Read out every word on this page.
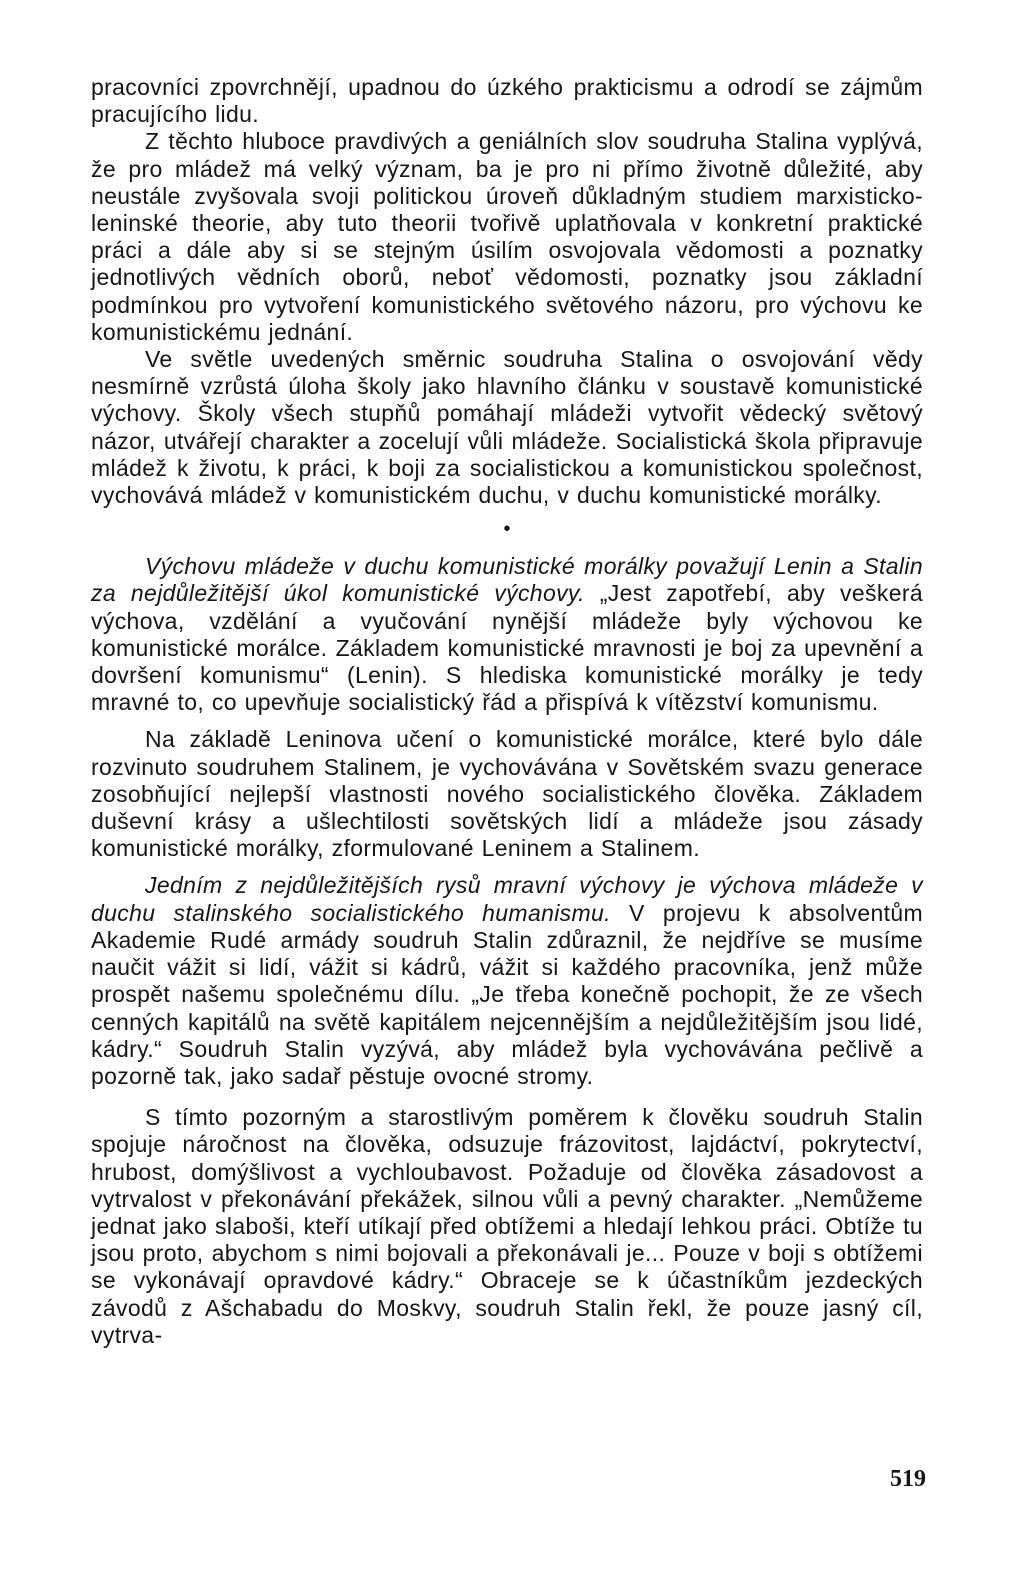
pracovníci zpovrchnějí, upadnou do úzkého prakticismu a odrodí se zájmům pracujícího lidu.

Z těchto hluboce pravdivých a geniálních slov soudruha Stalina vyplývá, že pro mládež má velký význam, ba je pro ni přímo životně důležité, aby neustále zvyšovala svoji politickou úroveň důkladným studiem marxisticko-leninské theorie, aby tuto theorii tvořivě uplatňovala v konkretní praktické práci a dále aby si se stejným úsilím osvojovala vědomosti a poznatky jednotlivých vědních oborů, neboť vědomosti, poznatky jsou základní podmínkou pro vytvoření komunistického světového názoru, pro výchovu ke komunistickému jednání.

Ve světle uvedených směrnic soudruha Stalina o osvojování vědy nesmírně vzrůstá úloha školy jako hlavního článku v soustavě komunistické výchovy. Školy všech stupňů pomáhají mládeži vytvořit vědecký světový názor, utvářejí charakter a zocelují vůli mládeže. Socialistická škola připravuje mládež k životu, k práci, k boji za socialistickou a komunistickou společnost, vychovává mládež v komunistickém duchu, v duchu komunistické morálky.

•

Výchovu mládeže v duchu komunistické morálky považují Lenin a Stalin za nejdůležitější úkol komunistické výchovy. „Jest zapotřebí, aby veškerá výchova, vzdělání a vyučování nynější mládeže byly výchovou ke komunistické morálce. Základem komunistické mravnosti je boj za upevnění a dovršení komunismu“ (Lenin). S hlediska komunistické morálky je tedy mravné to, co upevňuje socialistický řád a přispívá k vítězství komunismu.

Na základě Leninova učení o komunistické morálce, které bylo dále rozvinuto soudruhem Stalinem, je vychovávána v Sovětském svazu generace zosobňující nejlepší vlastnosti nového socialistického člověka. Základem duševní krásy a ušlechtilosti sovětských lidí a mládeže jsou zásady komunistické morálky, zformulované Leninem a Stalinem.

Jedním z nejdůležitějších rysů mravní výchovy je výchova mládeže v duchu stalinského socialistického humanismu. V projevu k absolventům Akademie Rudé armády soudruh Stalin zdůraznil, že nejdříve se musíme naučit vážit si lidí, vážit si kádrů, vážit si každého pracovníka, jenž může prospět našemu společnému dílu. „Je třeba konečně pochopit, že ze všech cenných kapitálů na světě kapitálem nejcennějším a nejdůležitějším jsou lidé, kádry.“ Soudruh Stalin vyzývá, aby mládež byla vychovávána pečlivě a pozorně tak, jako sadař pěstuje ovocné stromy.

S tímto pozorným a starostlivým poměrem k člověku soudruh Stalin spojuje náročnost na člověka, odsuzuje frázovitost, lajdáctví, pokrytectví, hrubost, domýšlivost a vychloubavost. Požaduje od člověka zásadovost a vytrvalost v překonávání překážek, silnou vůli a pevný charakter. „Nemůžeme jednat jako slaboši, kteří utíkají před obtížemi a hledají lehkou práci. Obtíže tu jsou proto, abychom s nimi bojovali a překonávali je... Pouze v boji s obtížemi se vykonávají opravdové kádry.“ Obraceje se k účastníkům jezdeckých závodů z Ašchabadu do Moskvy, soudruh Stalin řekl, že pouze jasný cíl, vytrva-

519
